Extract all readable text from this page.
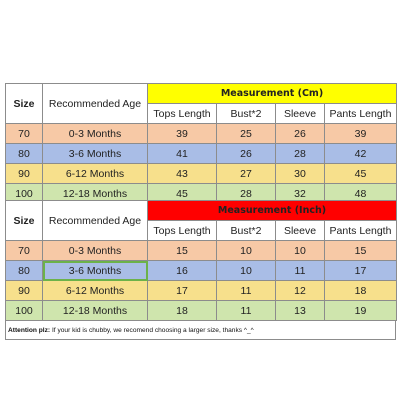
Size	Recommended Age	Measurement (Cm)			
		Tops Length	Bust*2	Sleeve	Pants Length
70	0-3 Months	39	25	26	39
80	3-6 Months	41	26	28	42
90	6-12 Months	43	27	30	45
100	12-18 Months	45	28	32	48
Size	Recommended Age	Measurement (Inch)			
		Tops Length	Bust*2	Sleeve	Pants Length
70	0-3 Months	15	10	10	15
80	3-6 Months	16	10	11	17
90	6-12 Months	17	11	12	18
100	12-18 Months	18	11	13	19
Attention plz: If your kid is chubby, we recomend choosing a larger size, thanks ^_^
